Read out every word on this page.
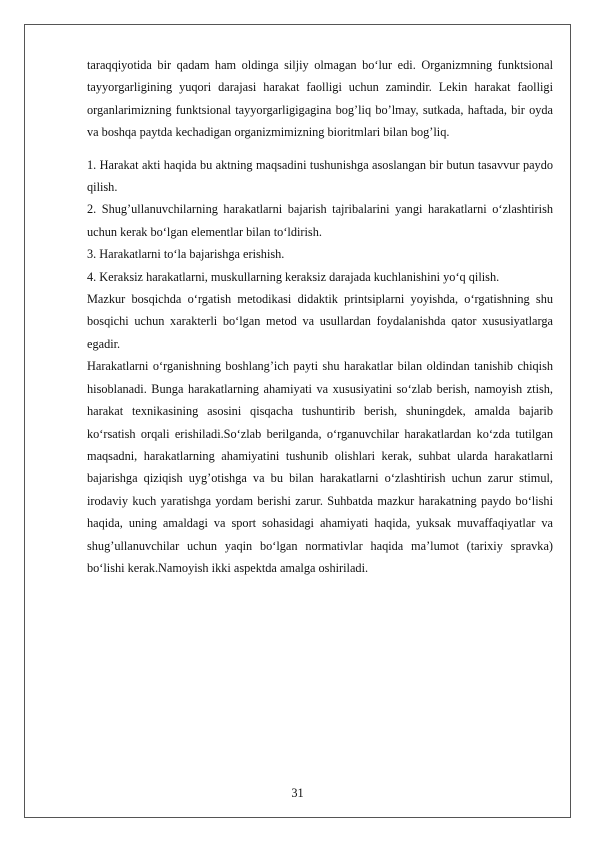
taraqqiyotida bir qadam ham oldinga siljiy olmagan bo‘lur edi. Organizmning funktsional tayyorgarligining yuqori darajasi harakat faolligi uchun zamindir. Lekin harakat faolligi organlarimizning funktsional tayyorgarligigagina bog’liq bo’lmay, sutkada, haftada, bir oyda va boshqa paytda kechadigan organizmimizning bioritmlari bilan bog’liq.

1. Harakat akti haqida bu aktning maqsadini tushunishga asoslangan bir butun tasavvur paydo qilish.

2. Shug’ullanuvchilarning harakatlarni bajarish tajribalarini yangi harakatlarni o‘zlashtirish uchun kerak bo‘lgan elementlar bilan to‘ldirish.

3. Harakatlarni to‘la bajarishga erishish.

4. Keraksiz harakatlarni, muskullarning keraksiz darajada kuchlanishini yo‘q qilish.

Mazkur bosqichda o‘rgatish metodikasi didaktik printsiplarni yoyishda, o‘rgatishning shu bosqichi uchun xarakterli bo‘lgan metod va usullardan foydalanishda qator xususiyatlarga egadir.

Harakatlarni o‘rganishning boshlang’ich payti shu harakatlar bilan oldindan tanishib chiqish hisoblanadi. Bunga harakatlarning ahamiyati va xususiyatini so‘zlab berish, namoyish ztish, harakat texnikasining asosini qisqacha tushuntirib berish, shuningdek, amalda bajarib ko‘rsatish orqali erishiladi.So‘zlab berilganda, o‘rganuvchilar harakatlardan ko‘zda tutilgan maqsadni, harakatlarning ahamiyatini tushunib olishlari kerak, suhbat ularda harakatlarni bajarishga qiziqish uyg’otishga va bu bilan harakatlarni o‘zlashtirish uchun zarur stimul, irodaviy kuch yaratishga yordam berishi zarur. Suhbatda mazkur harakatning paydo bo‘lishi haqida, uning amaldagi va sport sohasidagi ahamiyati haqida, yuksak muvaffaqiyatlar va shug’ullanuvchilar uchun yaqin bo‘lgan normativlar haqida ma’lumot (tarixiy spravka) bo‘lishi kerak.Namoyish ikki aspektda amalga oshiriladi.

31
